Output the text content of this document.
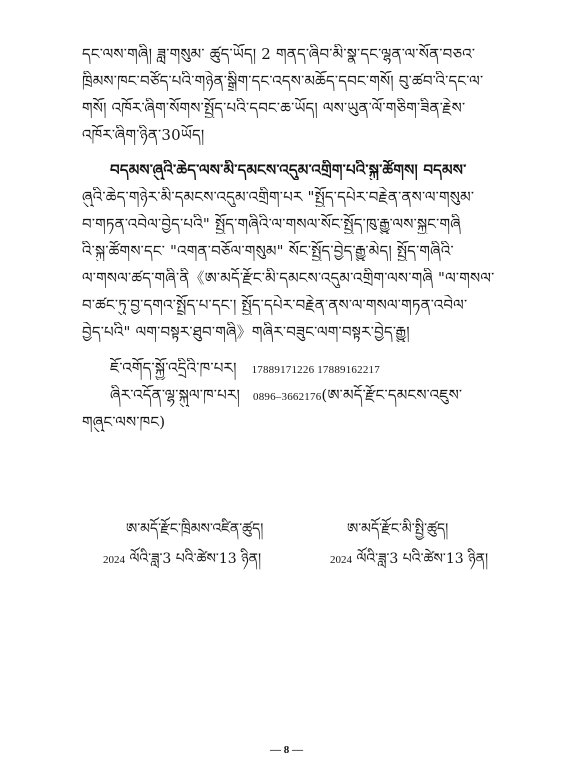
དང་ལས་གཞི། ཟླ་གསུམ་ ཚུད་ཡོད། 2 གནད་ཞིབ་མི་སྣ་དང་ལྷན་ལ་སོན་བཅའ་
ཁྲིམས་ཁང་བཙོད་པའི་གཉེན་སྒྲིག་དང་འདས་མཆོད་དབང་གསོ། བུ་ཚབ་འི་དང་ལ་
གསོ། འཁོར་ཞིག་སོགས་སྤྱོད་པའི་དབང་ཆ་ཡོད། ལས་ཡུན་ལོ་གཅིག་ཟིན་རྗེས་
འཁོར་ཞིག་ཉིན་30ཡོད།
བདམས་ཞུའི་ཆེད་ལས་མི་དམངས་འདུམ་འགྲིག་པའི་སྐུ་ཚོགས། བདམས་
ཞུའི་ཆེད་གཉེར་མི་དམངས་འདུམ་འགྲིག་པར "སྤྱོད་དཔེར་བརྗེན་ནས་ལ་གསུམ་
བ་གཏན་འབེལ་བྱེད་པའི" སྤྱོད་གཞིའི་ལ་གསལ་སོང་སྤྱོད་ཁུ་རྒྱུ་ལས་སྐྱང་གཞི
འི་སྐུ་ཚོགས་དང་ "འགན་བཅོལ་གསུམ" སོང་སྤྱོད་བྱེད་རྒྱུ་མེད། སྤྱོད་གཞིའི་
ལ་གསལ་ཚད་གཞི་ནི《ཨ་མདོ་རྫོང་མི་དམངས་འདུམ་འགྲིག་ལས་གཞི "ལ་གསལ་
བ་ཚང་ཏུ་བྱ་དགའ་སྤྲོད་པ་དང་། སྤྱོད་དཔེར་བརྗེན་ནས་ལ་གསལ་གཏན་འབེལ་
བྱེད་པའི" ལག་བསྟར་ཐུབ་གཞི》གཞིར་བཟུང་ལག་བསྟར་བྱེད་རྒྱུ།
ཇོ་འགོད་སྐྱོ་འདྲིའི་ཁ་པར། 17889171226 17889162217
ཞིར་འདོན་ལྷ་སྐུལ་ཁ་པར། 0896–3662176(ཨ་མདོ་རྫོང་དམངས་འཇུས་
གཞུང་ལས་ཁང)
ཨ་མདོ་རྫོང་ཁྲིམས་འཛིན་ཚུད།
2024 ལོའི་ཟླ་3 པའི་ཚེས་13 ཉིན།
ཨ་མདོ་རྫོང་མི་སྤྱི་ཚུད།
2024 ལོའི་ཟླ་3 པའི་ཚེས་13 ཉིན།
— 8 —
